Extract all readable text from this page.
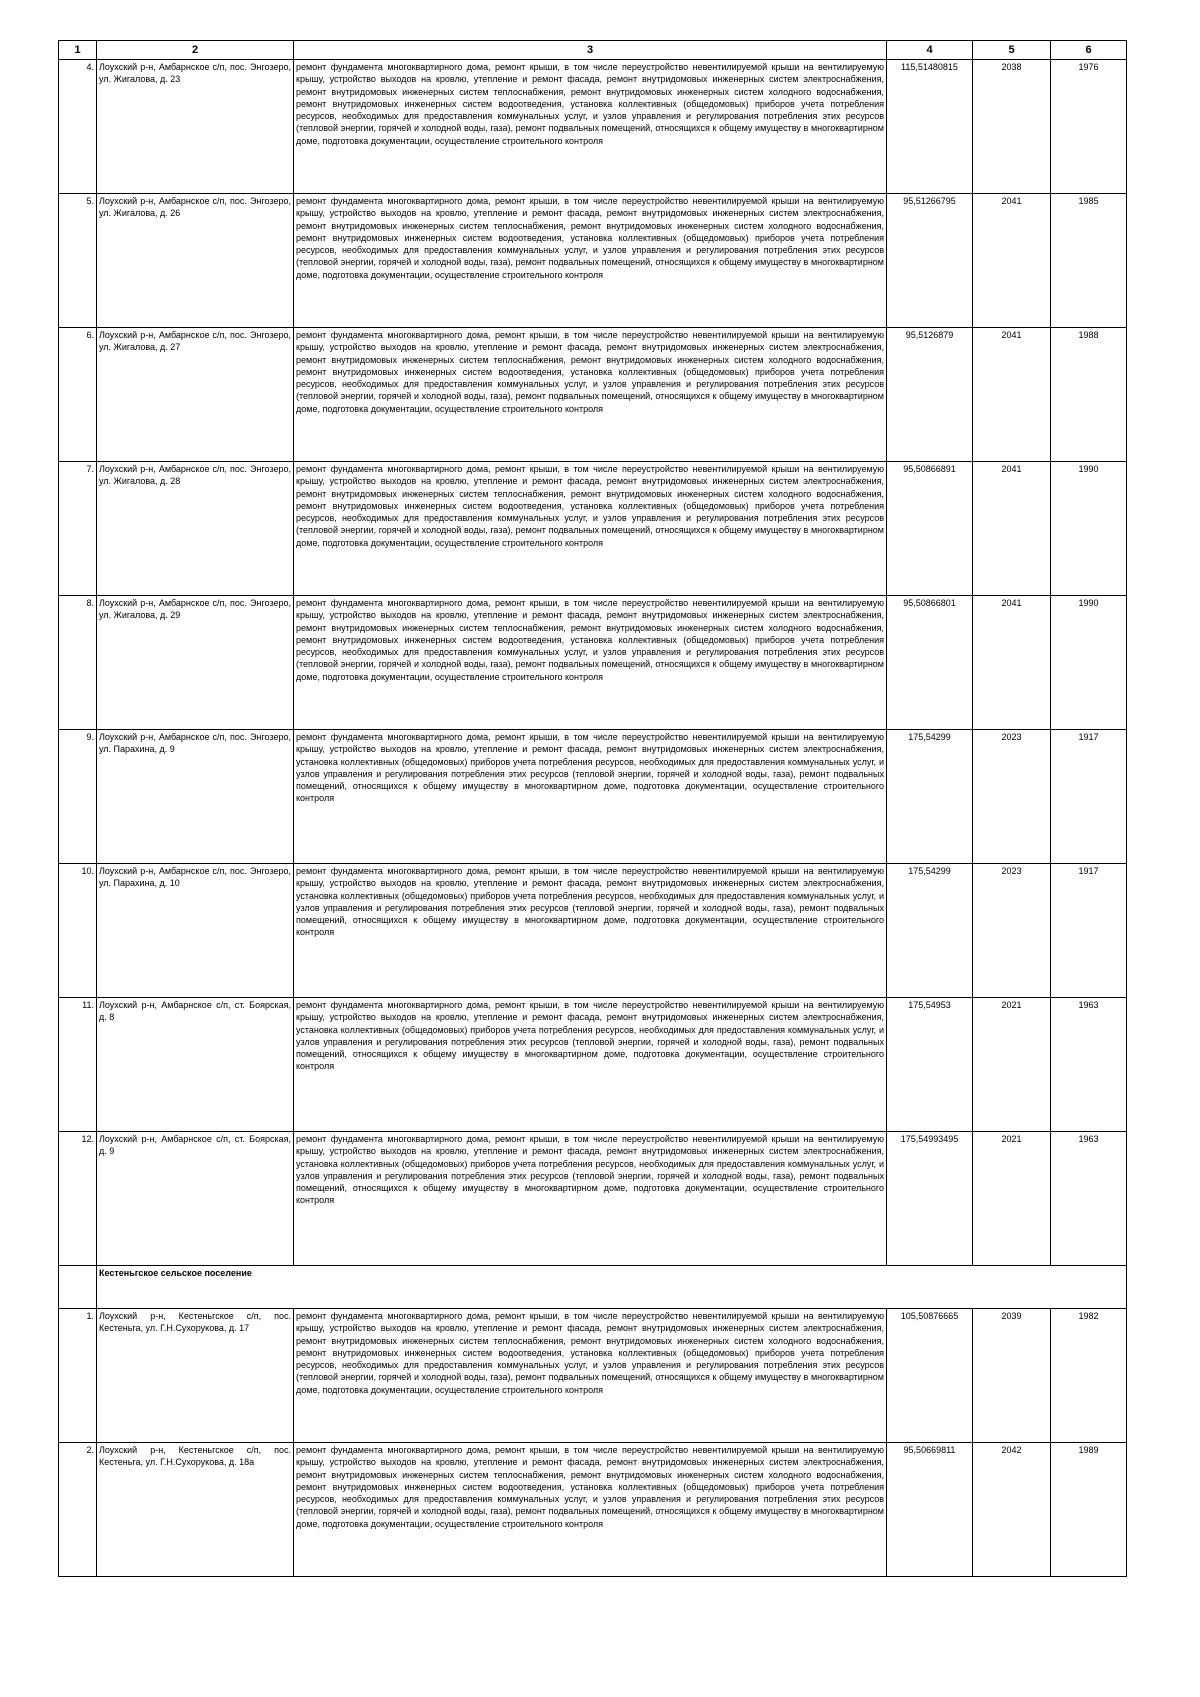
1	2	3	4	5	6
4.	Лоухский р-н, Амбарнское с/п, пос. Энгозеро, ул. Жигалова, д. 23	ремонт фундамента многоквартирного дома, ремонт крыши, в том числе переустройство невентилируемой крыши на вентилируемую крышу, устройство выходов на кровлю, утепление и ремонт фасада, ремонт внутридомовых инженерных систем электроснабжения, ремонт внутридомовых инженерных систем теплоснабжения, ремонт внутридомовых инженерных систем холодного водоснабжения, ремонт внутридомовых инженерных систем водоотведения, установка коллективных (общедомовых) приборов учета потребления ресурсов, необходимых для предоставления коммунальных услуг, и узлов управления и регулирования потребления этих ресурсов (тепловой энергии, горячей и холодной воды, газа), ремонт подвальных помещений, относящихся к общему имуществу в многоквартирном доме, подготовка документации, осуществление строительного контроля	115,51480815	2038	1976
5.	Лоухский р-н, Амбарнское с/п, пос. Энгозеро, ул. Жигалова, д. 26	ремонт фундамента многоквартирного дома, ремонт крыши, в том числе переустройство невентилируемой крыши на вентилируемую крышу, устройство выходов на кровлю, утепление и ремонт фасада, ремонт внутридомовых инженерных систем электроснабжения, ремонт внутридомовых инженерных систем теплоснабжения, ремонт внутридомовых инженерных систем холодного водоснабжения, ремонт внутридомовых инженерных систем водоотведения, установка коллективных (общедомовых) приборов учета потребления ресурсов, необходимых для предоставления коммунальных услуг, и узлов управления и регулирования потребления этих ресурсов (тепловой энергии, горячей и холодной воды, газа), ремонт подвальных помещений, относящихся к общему имуществу в многоквартирном доме, подготовка документации, осуществление строительного контроля	95,51266795	2041	1985
6.	Лоухский р-н, Амбарнское с/п, пос. Энгозеро, ул. Жигалова, д. 27	ремонт фундамента многоквартирного дома, ремонт крыши, в том числе переустройство невентилируемой крыши на вентилируемую крышу, устройство выходов на кровлю, утепление и ремонт фасада, ремонт внутридомовых инженерных систем электроснабжения, ремонт внутридомовых инженерных систем теплоснабжения, ремонт внутридомовых инженерных систем холодного водоснабжения, ремонт внутридомовых инженерных систем водоотведения, установка коллективных (общедомовых) приборов учета потребления ресурсов, необходимых для предоставления коммунальных услуг, и узлов управления и регулирования потребления этих ресурсов (тепловой энергии, горячей и холодной воды, газа), ремонт подвальных помещений, относящихся к общему имуществу в многоквартирном доме, подготовка документации, осуществление строительного контроля	95,5126879	2041	1988
7.	Лоухский р-н, Амбарнское с/п, пос. Энгозеро, ул. Жигалова, д. 28	ремонт фундамента многоквартирного дома, ремонт крыши, в том числе переустройство невентилируемой крыши на вентилируемую крышу, устройство выходов на кровлю, утепление и ремонт фасада, ремонт внутридомовых инженерных систем электроснабжения, ремонт внутридомовых инженерных систем теплоснабжения, ремонт внутридомовых инженерных систем холодного водоснабжения, ремонт внутридомовых инженерных систем водоотведения, установка коллективных (общедомовых) приборов учета потребления ресурсов, необходимых для предоставления коммунальных услуг, и узлов управления и регулирования потребления этих ресурсов (тепловой энергии, горячей и холодной воды, газа), ремонт подвальных помещений, относящихся к общему имуществу в многоквартирном доме, подготовка документации, осуществление строительного контроля	95,50866891	2041	1990
8.	Лоухский р-н, Амбарнское с/п, пос. Энгозеро, ул. Жигалова, д. 29	ремонт фундамента многоквартирного дома, ремонт крыши, в том числе переустройство невентилируемой крыши на вентилируемую крышу, устройство выходов на кровлю, утепление и ремонт фасада, ремонт внутридомовых инженерных систем электроснабжения, ремонт внутридомовых инженерных систем теплоснабжения, ремонт внутридомовых инженерных систем холодного водоснабжения, ремонт внутридомовых инженерных систем водоотведения, установка коллективных (общедомовых) приборов учета потребления ресурсов, необходимых для предоставления коммунальных услуг, и узлов управления и регулирования потребления этих ресурсов (тепловой энергии, горячей и холодной воды, газа), ремонт подвальных помещений, относящихся к общему имуществу в многоквартирном доме, подготовка документации, осуществление строительного контроля	95,50866801	2041	1990
9.	Лоухский р-н, Амбарнское с/п, пос. Энгозеро, ул. Парахина, д. 9	ремонт фундамента многоквартирного дома, ремонт крыши, в том числе переустройство невентилируемой крыши на вентилируемую крышу, устройство выходов на кровлю, утепление и ремонт фасада, ремонт внутридомовых инженерных систем электроснабжения, установка коллективных (общедомовых) приборов учета потребления ресурсов, необходимых для предоставления коммунальных услуг, и узлов управления и регулирования потребления этих ресурсов (тепловой энергии, горячей и холодной воды, газа), ремонт подвальных помещений, относящихся к общему имуществу в многоквартирном доме, подготовка документации, осуществление строительного контроля	175,54299	2023	1917
10.	Лоухский р-н, Амбарнское с/п, пос. Энгозеро, ул. Парахина, д. 10	ремонт фундамента многоквартирного дома, ремонт крыши, в том числе переустройство невентилируемой крыши на вентилируемую крышу, устройство выходов на кровлю, утепление и ремонт фасада, ремонт внутридомовых инженерных систем электроснабжения, установка коллективных (общедомовых) приборов учета потребления ресурсов, необходимых для предоставления коммунальных услуг, и узлов управления и регулирования потребления этих ресурсов (тепловой энергии, горячей и холодной воды, газа), ремонт подвальных помещений, относящихся к общему имуществу в многоквартирном доме, подготовка документации, осуществление строительного контроля	175,54299	2023	1917
11.	Лоухский р-н, Амбарнское с/п, ст. Боярская, д. 8	ремонт фундамента многоквартирного дома, ремонт крыши, в том числе переустройство невентилируемой крыши на вентилируемую крышу, устройство выходов на кровлю, утепление и ремонт фасада, ремонт внутридомовых инженерных систем электроснабжения, установка коллективных (общедомовых) приборов учета потребления ресурсов, необходимых для предоставления коммунальных услуг, и узлов управления и регулирования потребления этих ресурсов (тепловой энергии, горячей и холодной воды, газа), ремонт подвальных помещений, относящихся к общему имуществу в многоквартирном доме, подготовка документации, осуществление строительного контроля	175,54953	2021	1963
12.	Лоухский р-н, Амбарнское с/п, ст. Боярская, д. 9	ремонт фундамента многоквартирного дома, ремонт крыши, в том числе переустройство невентилируемой крыши на вентилируемую крышу, устройство выходов на кровлю, утепление и ремонт фасада, ремонт внутридомовых инженерных систем электроснабжения, установка коллективных (общедомовых) приборов учета потребления ресурсов, необходимых для предоставления коммунальных услуг, и узлов управления и регулирования потребления этих ресурсов (тепловой энергии, горячей и холодной воды, газа), ремонт подвальных помещений, относящихся к общему имуществу в многоквартирном доме, подготовка документации, осуществление строительного контроля	175,54993495	2021	1963
	Кестеньгское сельское поселение				
1.	Лоухский р-н, Кестеньгское с/п, пос. Кестеньга, ул. Г.Н.Сухорукова, д. 17	ремонт фундамента многоквартирного дома, ремонт крыши, в том числе переустройство невентилируемой крыши на вентилируемую крышу, устройство выходов на кровлю, утепление и ремонт фасада, ремонт внутридомовых инженерных систем электроснабжения, ремонт внутридомовых инженерных систем теплоснабжения, ремонт внутридомовых инженерных систем холодного водоснабжения, ремонт внутридомовых инженерных систем водоотведения, установка коллективных (общедомовых) приборов учета потребления ресурсов, необходимых для предоставления коммунальных услуг, и узлов управления и регулирования потребления этих ресурсов (тепловой энергии, горячей и холодной воды, газа), ремонт подвальных помещений, относящихся к общему имуществу в многоквартирном доме, подготовка документации, осуществление строительного контроля	105,50876665	2039	1982
2.	Лоухский р-н, Кестеньгское с/п, пос. Кестеньга, ул. Г.Н.Сухорукова, д. 18а	ремонт фундамента многоквартирного дома, ремонт крыши, в том числе переустройство невентилируемой крыши на вентилируемую крышу, устройство выходов на кровлю, утепление и ремонт фасада, ремонт внутридомовых инженерных систем электроснабжения, ремонт внутридомовых инженерных систем теплоснабжения, ремонт внутридомовых инженерных систем холодного водоснабжения, ремонт внутридомовых инженерных систем водоотведения, установка коллективных (общедомовых) приборов учета потребления ресурсов, необходимых для предоставления коммунальных услуг, и узлов управления и регулирования потребления этих ресурсов (тепловой энергии, горячей и холодной воды, газа), ремонт подвальных помещений, относящихся к общему имуществу в многоквартирном доме, подготовка документации, осуществление строительного контроля	95,50669811	2042	1989
